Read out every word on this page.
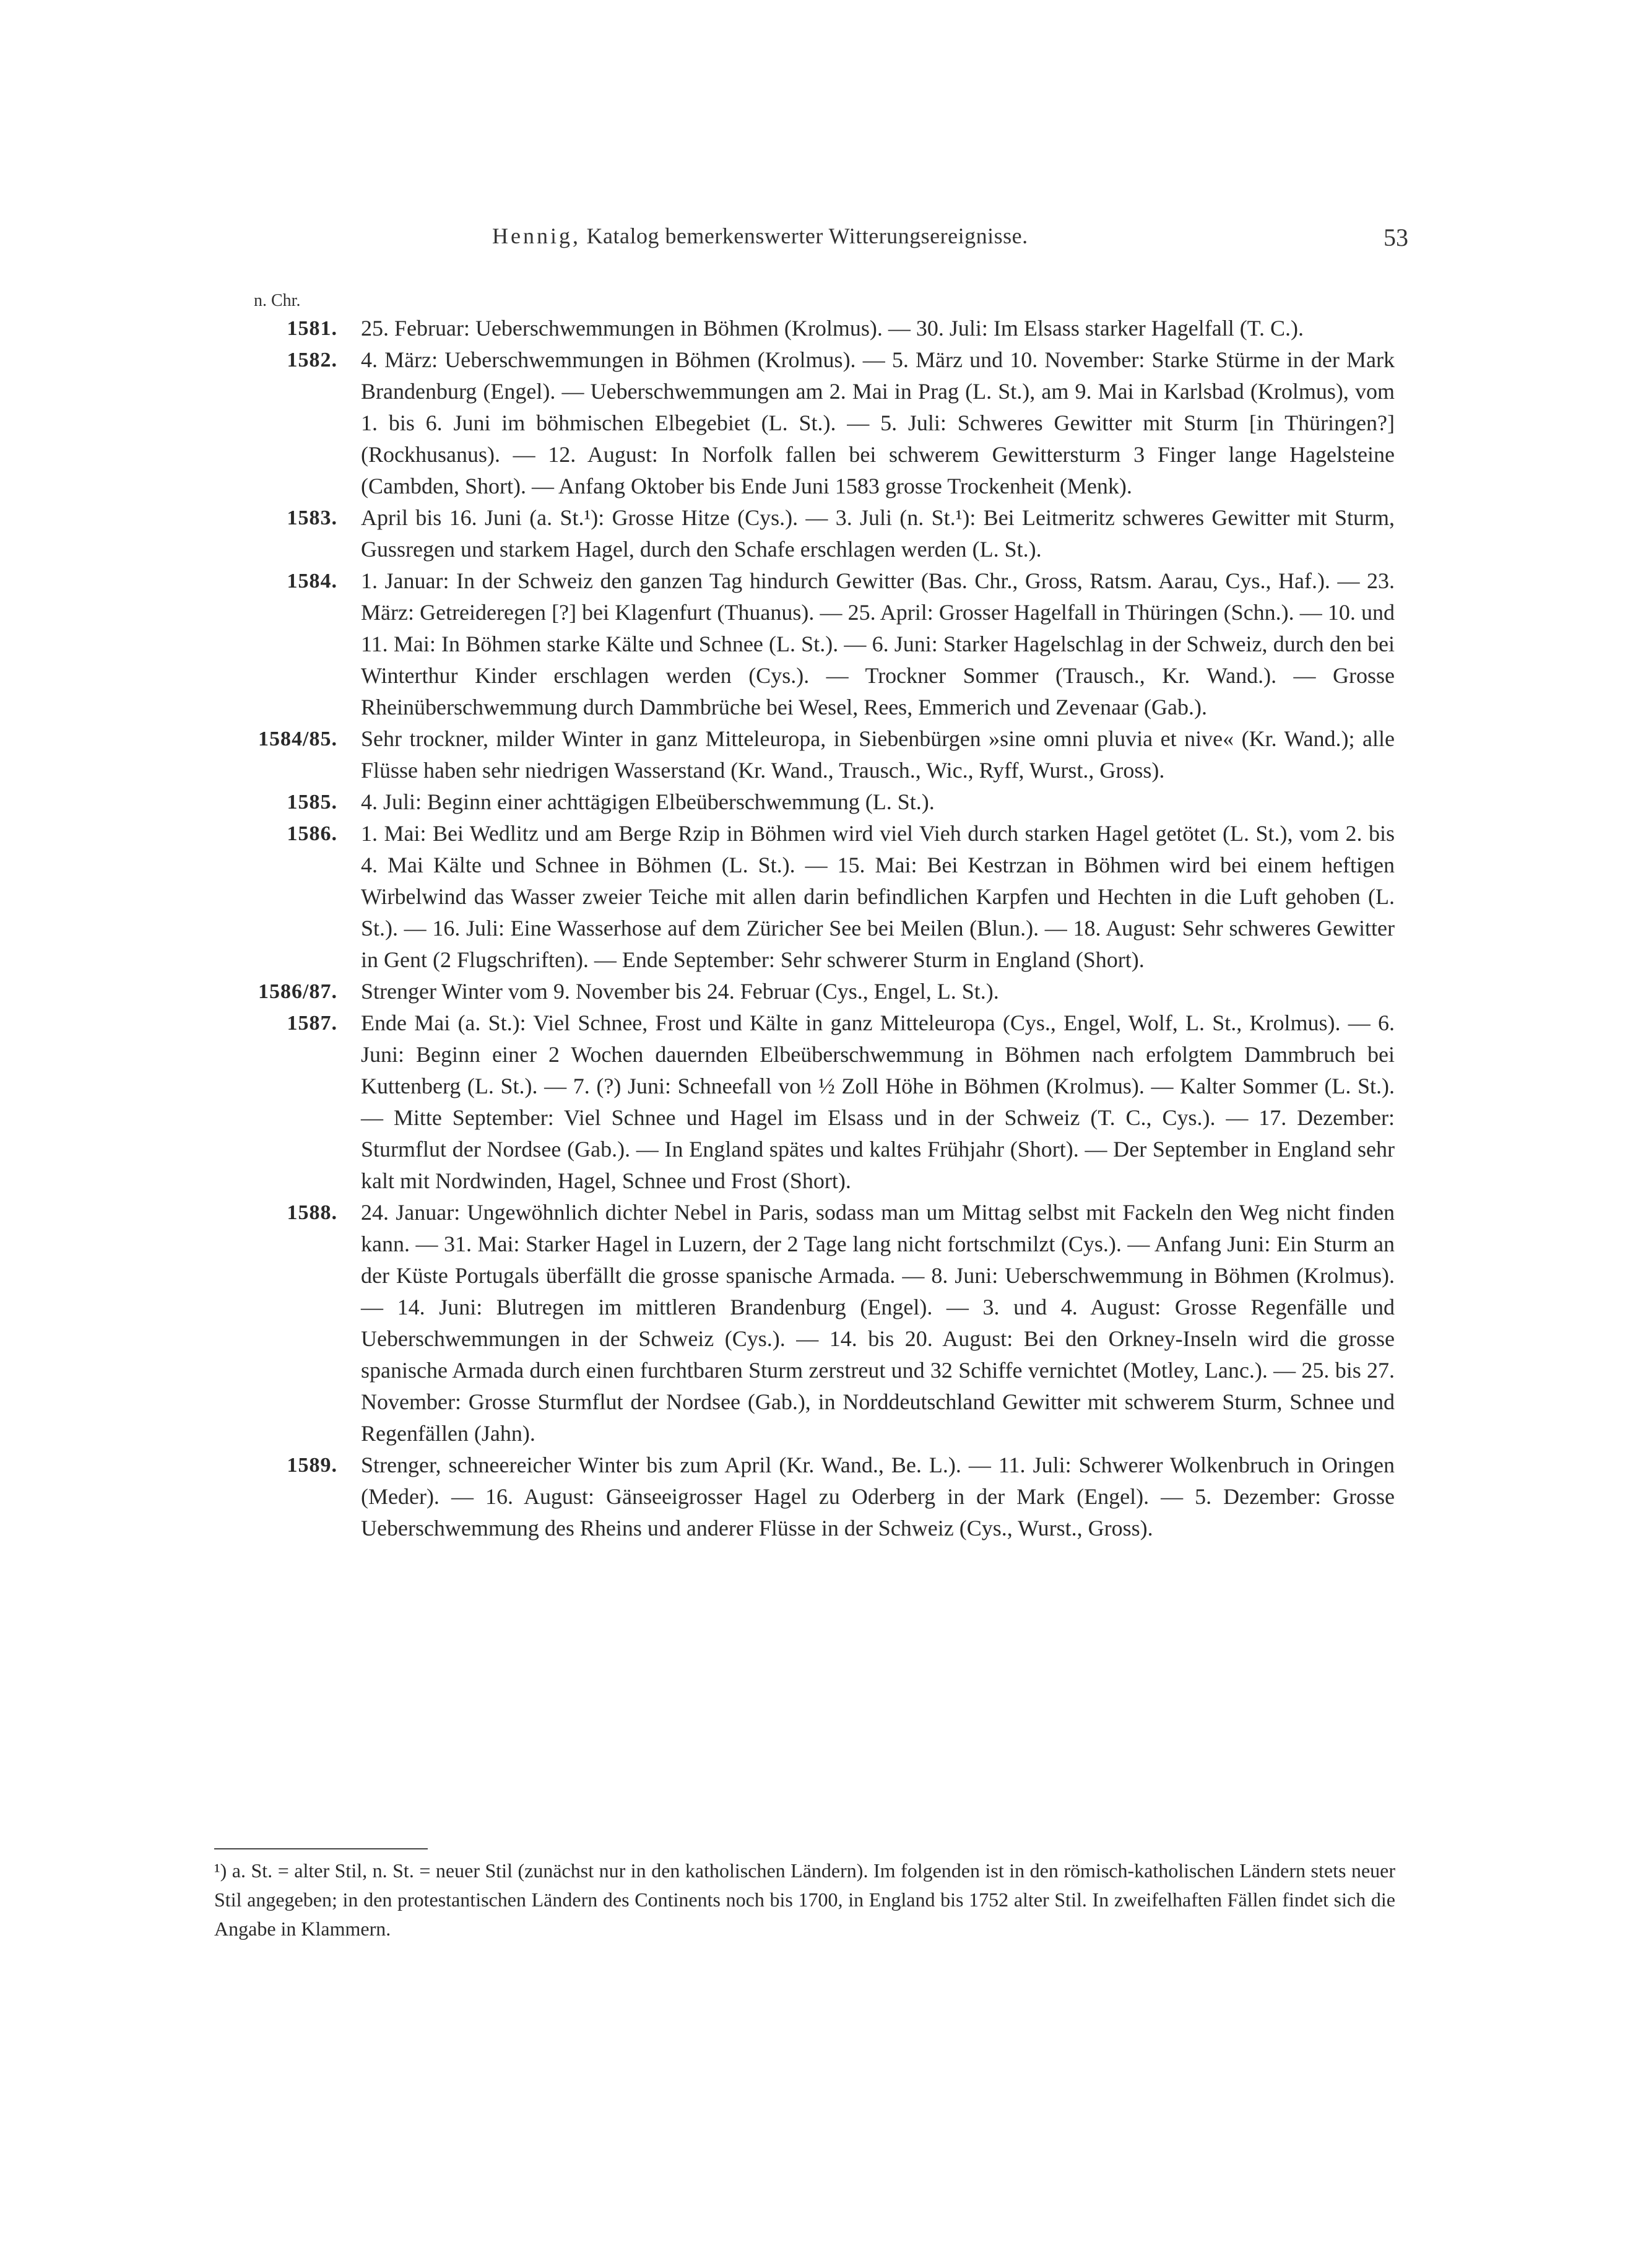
Hennig, Katalog bemerkenswerter Witterungsereignisse.	53
n. Chr.
1581. 25. Februar: Ueberschwemmungen in Böhmen (Krolmus). — 30. Juli: Im Elsass starker Hagelfall (T. C.).
1582. 4. März: Ueberschwemmungen in Böhmen (Krolmus). — 5. März und 10. November: Starke Stürme in der Mark Brandenburg (Engel). — Ueberschwemmungen am 2. Mai in Prag (L. St.), am 9. Mai in Karlsbad (Krolmus), vom 1. bis 6. Juni im böhmischen Elbegebiet (L. St.). — 5. Juli: Schweres Gewitter mit Sturm [in Thüringen?] (Rockhusanus). — 12. August: In Norfolk fallen bei schwerem Gewittersturm 3 Finger lange Hagelsteine (Cambden, Short). — Anfang Oktober bis Ende Juni 1583 grosse Trockenheit (Menk).
1583. April bis 16. Juni (a. St.¹): Grosse Hitze (Cys.). — 3. Juli (n. St.¹): Bei Leitmeritz schweres Gewitter mit Sturm, Gussregen und starkem Hagel, durch den Schafe erschlagen werden (L. St.).
1584. 1. Januar: In der Schweiz den ganzen Tag hindurch Gewitter (Bas. Chr., Gross, Ratsm. Aarau, Cys., Haf.). — 23. März: Getreideregen [?] bei Klagenfurt (Thuanus). — 25. April: Grosser Hagelfall in Thüringen (Schn.). — 10. und 11. Mai: In Böhmen starke Kälte und Schnee (L. St.). — 6. Juni: Starker Hagelschlag in der Schweiz, durch den bei Winterthur Kinder erschlagen werden (Cys.). — Trockner Sommer (Trausch., Kr. Wand.). — Grosse Rheinüberschwemmung durch Dammbrüche bei Wesel, Rees, Emmerich und Zevenaar (Gab.).
1584/85. Sehr trockner, milder Winter in ganz Mitteleuropa, in Siebenbürgen »sine omni pluvia et nive« (Kr. Wand.); alle Flüsse haben sehr niedrigen Wasserstand (Kr. Wand., Trausch., Wic., Ryff, Wurst., Gross).
1585. 4. Juli: Beginn einer achttägigen Elbeüberschwemmung (L. St.).
1586. 1. Mai: Bei Wedlitz und am Berge Rzip in Böhmen wird viel Vieh durch starken Hagel getötet (L. St.), vom 2. bis 4. Mai Kälte und Schnee in Böhmen (L. St.). — 15. Mai: Bei Kestrzan in Böhmen wird bei einem heftigen Wirbelwind das Wasser zweier Teiche mit allen darin befindlichen Karpfen und Hechten in die Luft gehoben (L. St.). — 16. Juli: Eine Wasserhose auf dem Züricher See bei Meilen (Blun.). — 18. August: Sehr schweres Gewitter in Gent (2 Flugschriften). — Ende September: Sehr schwerer Sturm in England (Short).
1586/87. Strenger Winter vom 9. November bis 24. Februar (Cys., Engel, L. St.).
1587. Ende Mai (a. St.): Viel Schnee, Frost und Kälte in ganz Mitteleuropa (Cys., Engel, Wolf, L. St., Krolmus). — 6. Juni: Beginn einer 2 Wochen dauernden Elbeüberschwemmung in Böhmen nach erfolgtem Dammbruch bei Kuttenberg (L. St.). — 7. (?) Juni: Schneefall von ½ Zoll Höhe in Böhmen (Krolmus). — Kalter Sommer (L. St.). — Mitte September: Viel Schnee und Hagel im Elsass und in der Schweiz (T. C., Cys.). — 17. Dezember: Sturmflut der Nordsee (Gab.). — In England spätes und kaltes Frühjahr (Short). — Der September in England sehr kalt mit Nordwinden, Hagel, Schnee und Frost (Short).
1588. 24. Januar: Ungewöhnlich dichter Nebel in Paris, sodass man um Mittag selbst mit Fackeln den Weg nicht finden kann. — 31. Mai: Starker Hagel in Luzern, der 2 Tage lang nicht fortschmilzt (Cys.). — Anfang Juni: Ein Sturm an der Küste Portugals überfällt die grosse spanische Armada. — 8. Juni: Ueberschwemmung in Böhmen (Krolmus). — 14. Juni: Blutregen im mittleren Brandenburg (Engel). — 3. und 4. August: Grosse Regenfälle und Ueberschwemmungen in der Schweiz (Cys.). — 14. bis 20. August: Bei den Orkney-Inseln wird die grosse spanische Armada durch einen furchtbaren Sturm zerstreut und 32 Schiffe vernichtet (Motley, Lanc.). — 25. bis 27. November: Grosse Sturmflut der Nordsee (Gab.), in Norddeutschland Gewitter mit schwerem Sturm, Schnee und Regenfällen (Jahn).
1589. Strenger, schneereicher Winter bis zum April (Kr. Wand., Be. L.). — 11. Juli: Schwerer Wolkenbruch in Oringen (Meder). — 16. August: Gänseeigrosser Hagel zu Oderberg in der Mark (Engel). — 5. Dezember: Grosse Ueberschwemmung des Rheins und anderer Flüsse in der Schweiz (Cys., Wurst., Gross).
¹) a. St. = alter Stil, n. St. = neuer Stil (zunächst nur in den katholischen Ländern). Im folgenden ist in den römisch-katholischen Ländern stets neuer Stil angegeben; in den protestantischen Ländern des Continents noch bis 1700, in England bis 1752 alter Stil. In zweifelhaften Fällen findet sich die Angabe in Klammern.
